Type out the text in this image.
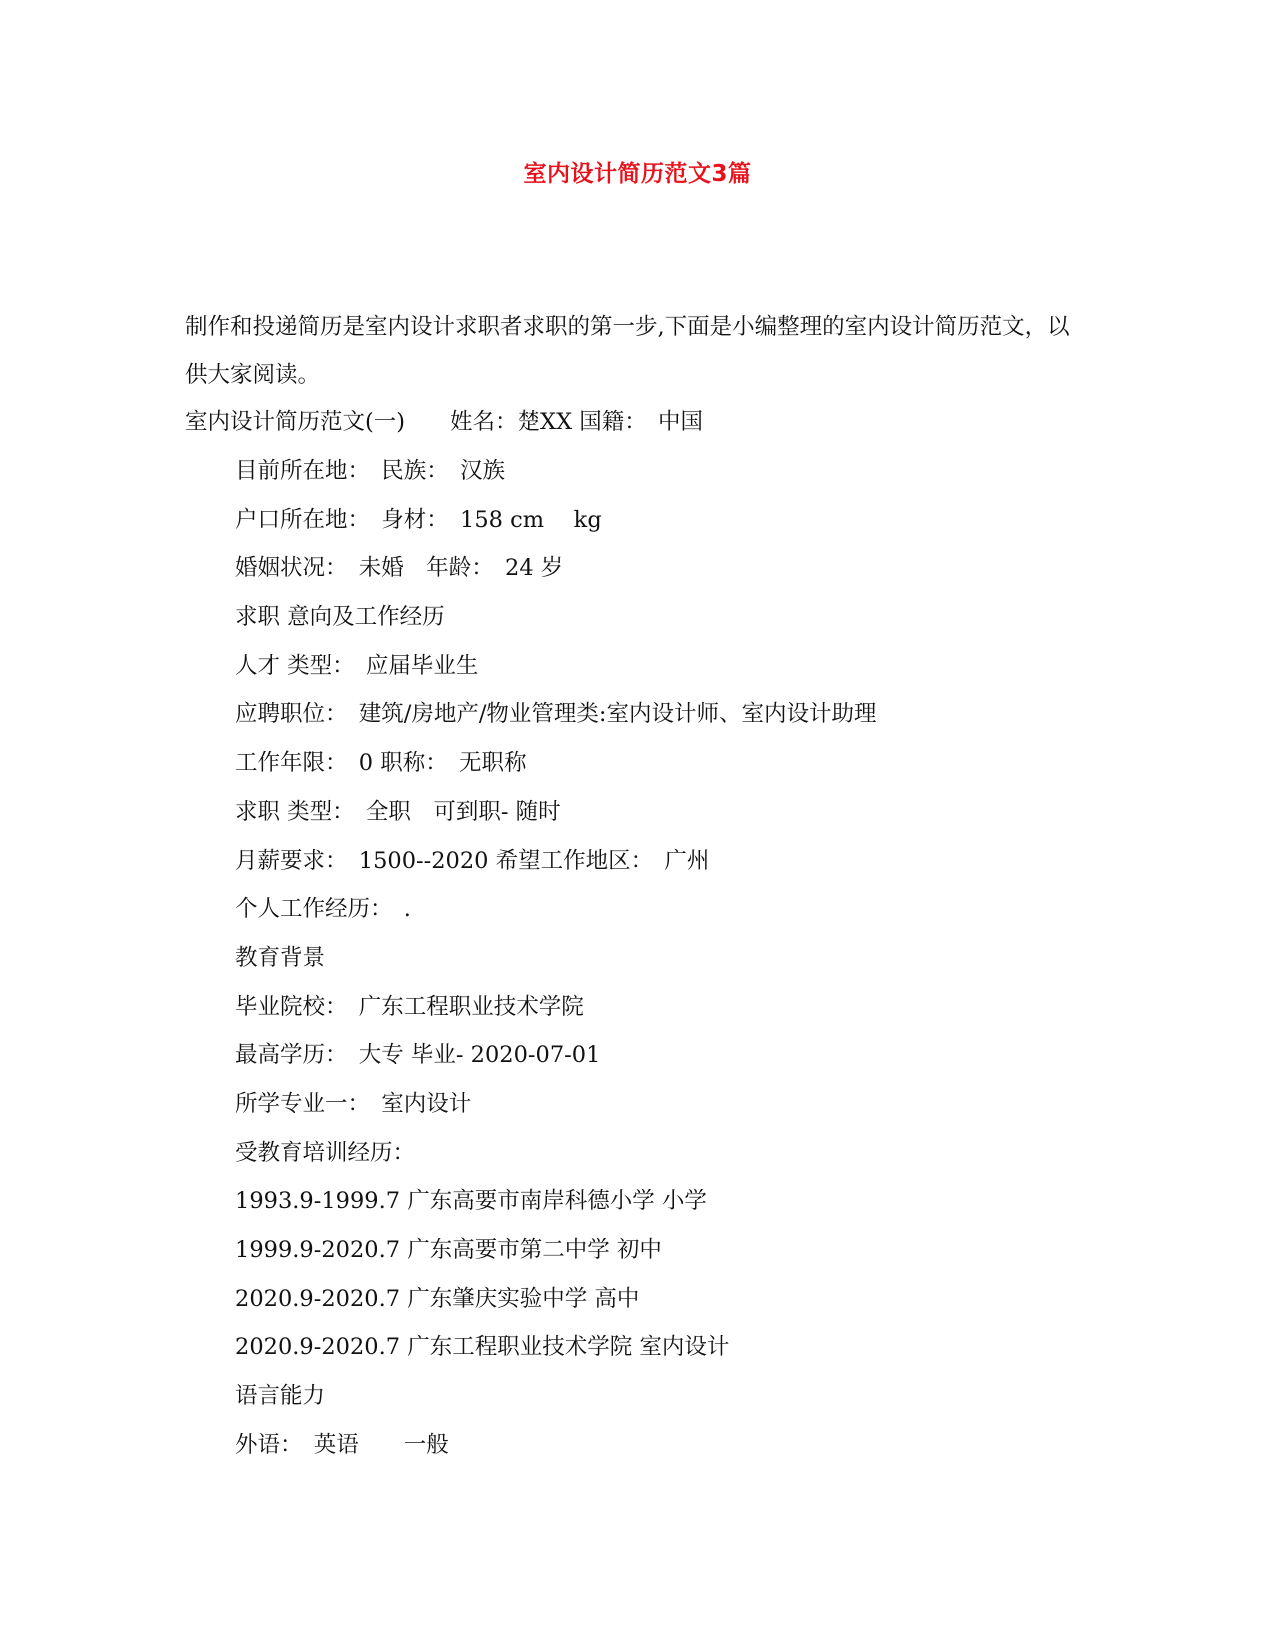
室内设计简历范文3篇
制作和投递简历是室内设计求职者求职的第一步,下面是小编整理的室内设计简历范文，以供大家阅读。
室内设计简历范文(一)　　姓名：楚XX 国籍：　中国
目前所在地：　民族：　汉族
户口所在地：　身材：　158 cm　 kg
婚姻状况：　未婚　年龄：　24 岁
求职 意向及工作经历
人才 类型：　应届毕业生
应聘职位：　建筑/房地产/物业管理类:室内设计师、室内设计助理
工作年限：　0 职称：　无职称
求职 类型：　全职　可到职- 随时
月薪要求：　1500--2020 希望工作地区：　广州
个人工作经历：　.
教育背景
毕业院校：　广东工程职业技术学院
最高学历：　大专 毕业- 2020-07-01
所学专业一：　室内设计
受教育培训经历：
1993.9-1999.7 广东高要市南岸科德小学 小学
1999.9-2020.7 广东高要市第二中学 初中
2020.9-2020.7 广东肇庆实验中学 高中
2020.9-2020.7 广东工程职业技术学院 室内设计
语言能力
外语：　英语　　一般
